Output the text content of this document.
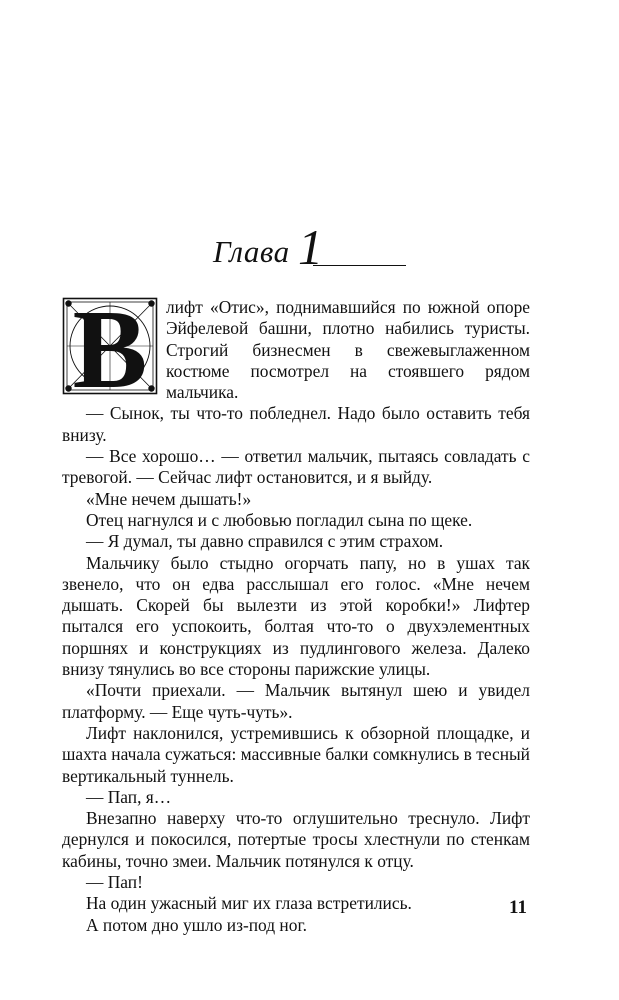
Глава 1
В	лифт «Отис», поднимавшийся по южной опоре Эйфелевой башни, плотно набились туристы. Строгий бизнесмен в свежевыглаженном костюме посмотрел на стоявшего рядом мальчика.

— Сынок, ты что-то побледнел. Надо было оставить тебя внизу.

— Все хорошо… — ответил мальчик, пытаясь совладать с тревогой. — Сейчас лифт остановится, и я выйду.

«Мне нечем дышать!»

Отец нагнулся и с любовью погладил сына по щеке.

— Я думал, ты давно справился с этим страхом.

Мальчику было стыдно огорчать папу, но в ушах так звенело, что он едва расслышал его голос. «Мне нечем дышать. Скорей бы вылезти из этой коробки!» Лифтер пытался его успокоить, болтая что-то о двухэлементных поршнях и конструкциях из пудлингового железа. Далеко внизу тянулись во все стороны парижские улицы.

«Почти приехали. — Мальчик вытянул шею и увидел платформу. — Еще чуть-чуть».

Лифт наклонился, устремившись к обзорной площадке, и шахта начала сужаться: массивные балки сомкнулись в тесный вертикальный туннель.

— Пап, я…

Внезапно наверху что-то оглушительно треснуло. Лифт дернулся и покосился, потертые тросы хлестнули по стенкам кабины, точно змеи. Мальчик потянулся к отцу.

— Пап!

На один ужасный миг их глаза встретились.

А потом дно ушло из-под ног.

11
